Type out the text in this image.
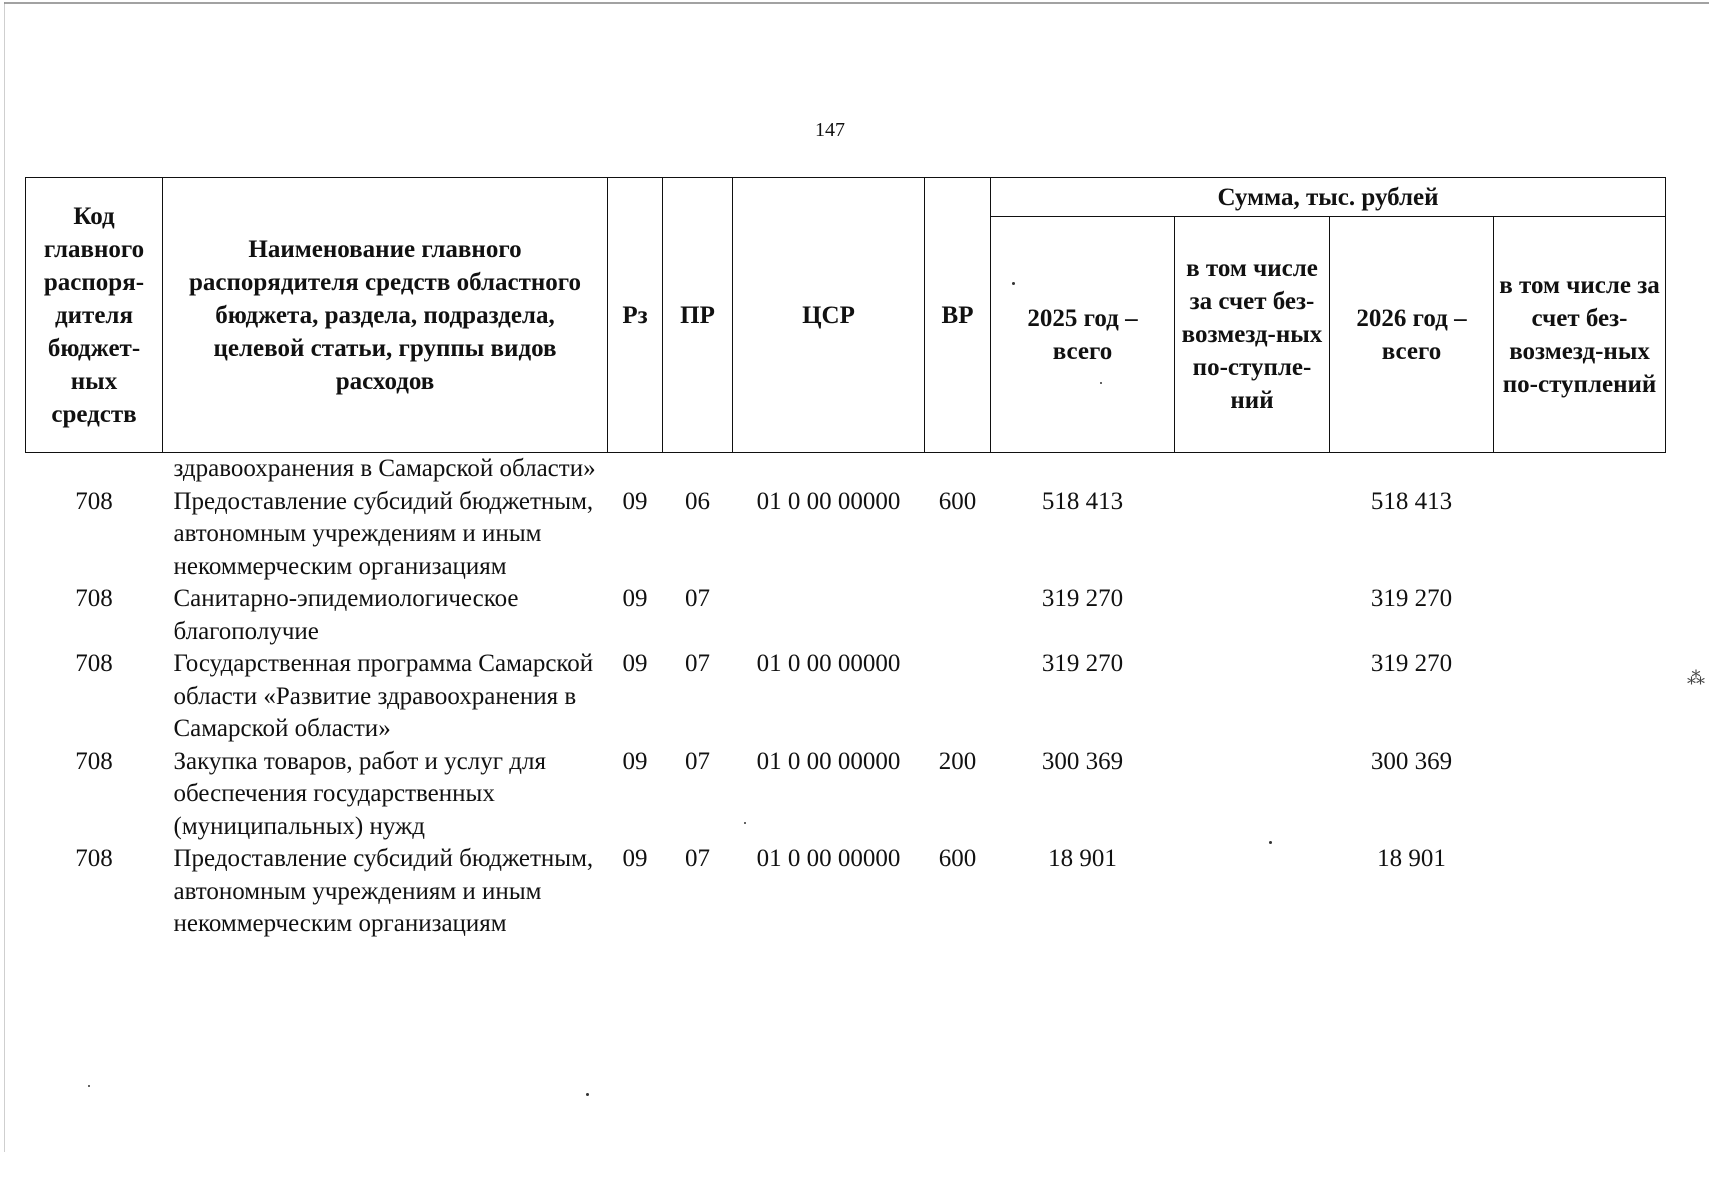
147
Код главного распоря-дителя бюджет-ных средств	Наименование главного распорядителя средств областного бюджета, раздела, подраздела, целевой статьи, группы видов расходов	Рз	ПР	ЦСР	ВР	Сумма, тыс. рублей			
						2025 год – всего	в том числе за счет без-возмезд-ных по-ступле-ний	2026 год – всего	в том числе за счет без-возмезд-ных по-ступлений
	здравоохранения в Самарской области»								
708	Предоставление субсидий бюджетным, автономным учреждениям и иным некоммерческим организациям	09	06	01 0 00 00000	600	518 413		518 413	
708	Санитарно-эпидемиологическое благополучие	09	07			319 270		319 270	
708	Государственная программа Самарской области «Развитие здравоохранения в Самарской области»	09	07	01 0 00 00000		319 270		319 270	
708	Закупка товаров, работ и услуг для обеспечения государственных (муниципальных) нужд	09	07	01 0 00 00000	200	300 369		300 369	
708	Предоставление субсидий бюджетным, автономным учреждениям и иным некоммерческим организациям	09	07	01 0 00 00000	600	18 901		18 901	
⁂
